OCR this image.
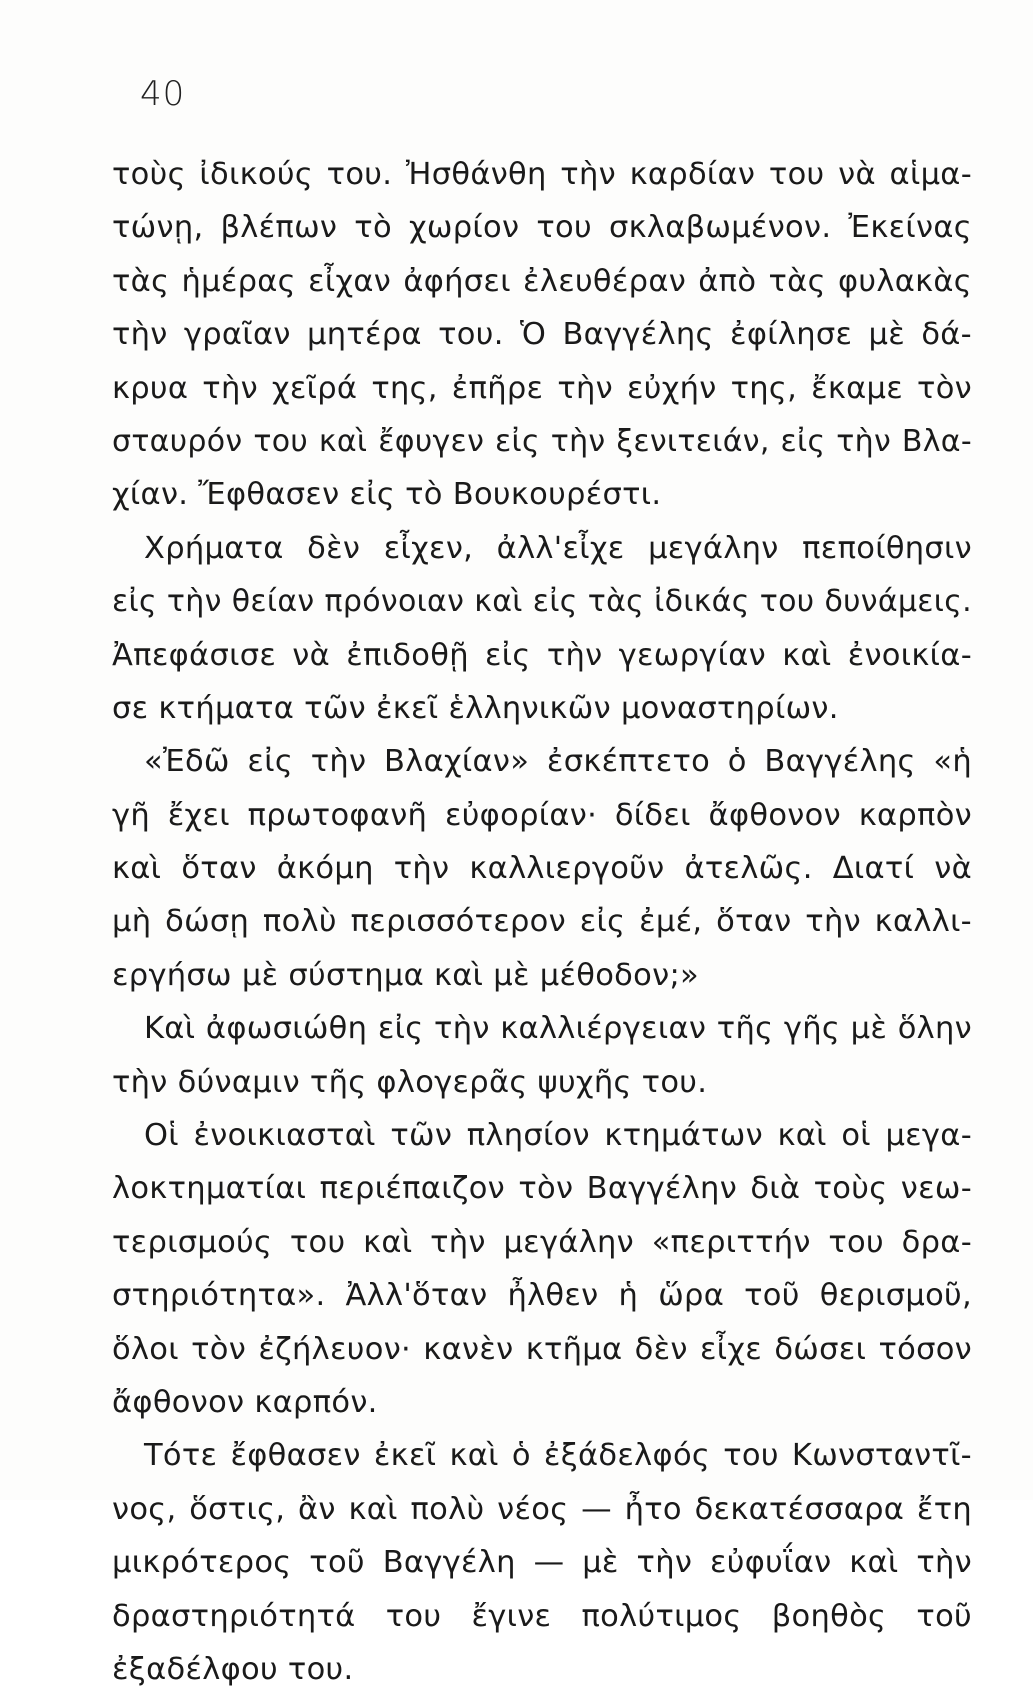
40
τοὺς ἰδικούς του. Ἠσθάνθη τὴν καρδίαν του νὰ αἱμα-
τώνῃ, βλέπων τὸ χωρίον του σκλαβωμένον. Ἐκείνας
τὰς ἡμέρας εἶχαν ἀφήσει ἐλευθέραν ἀπὸ τὰς φυλακὰς
τὴν γραῖαν μητέρα του. Ὁ Βαγγέλης ἐφίλησε μὲ δά-
κρυα τὴν χεῖρά της, ἐπῆρε τὴν εὐχήν της, ἔκαμε τὸν
σταυρόν του καὶ ἔφυγεν εἰς τὴν ξενιτειάν, εἰς τὴν Βλα-
χίαν. Ἔφθασεν εἰς τὸ Βουκουρέστι.
Χρήματα δὲν εἶχεν, ἀλλ'εἶχε μεγάλην πεποίθησιν
εἰς τὴν θείαν πρόνοιαν καὶ εἰς τὰς ἰδικάς του δυνάμεις.
Ἀπεφάσισε νὰ ἐπιδοθῇ εἰς τὴν γεωργίαν καὶ ἐνοικία-
σε κτήματα τῶν ἐκεῖ ἑλληνικῶν μοναστηρίων.
«Ἐδῶ εἰς τὴν Βλαχίαν» ἐσκέπτετο ὁ Βαγγέλης «ἡ
γῆ ἔχει πρωτοφανῆ εὐφορίαν· δίδει ἄφθονον καρπὸν
καὶ ὅταν ἀκόμη τὴν καλλιεργοῦν ἀτελῶς. Διατί νὰ
μὴ δώσῃ πολὺ περισσότερον εἰς ἐμέ, ὅταν τὴν καλλι-
εργήσω μὲ σύστημα καὶ μὲ μέθοδον;»
Καὶ ἀφωσιώθη εἰς τὴν καλλιέργειαν τῆς γῆς μὲ ὅλην
τὴν δύναμιν τῆς φλογερᾶς ψυχῆς του.
Οἱ ἐνοικιασταὶ τῶν πλησίον κτημάτων καὶ οἱ μεγα-
λοκτηματίαι περιέπαιζον τὸν Βαγγέλην διὰ τοὺς νεω-
τερισμούς του καὶ τὴν μεγάλην «περιττήν του δρα-
στηριότητα». Ἀλλ'ὅταν ἦλθεν ἡ ὥρα τοῦ θερισμοῦ,
ὅλοι τὸν ἐζήλευον· κανὲν κτῆμα δὲν εἶχε δώσει τόσον
ἄφθονον καρπόν.
Τότε ἔφθασεν ἐκεῖ καὶ ὁ ἐξάδελφός του Κωνσταντῖ-
νος, ὅστις, ἂν καὶ πολὺ νέος — ἦτο δεκατέσσαρα ἔτη
μικρότερος τοῦ Βαγγέλη — μὲ τὴν εὐφυΐαν καὶ τὴν
δραστηριότητά του ἔγινε πολύτιμος βοηθὸς τοῦ
ἐξαδέλφου του.
